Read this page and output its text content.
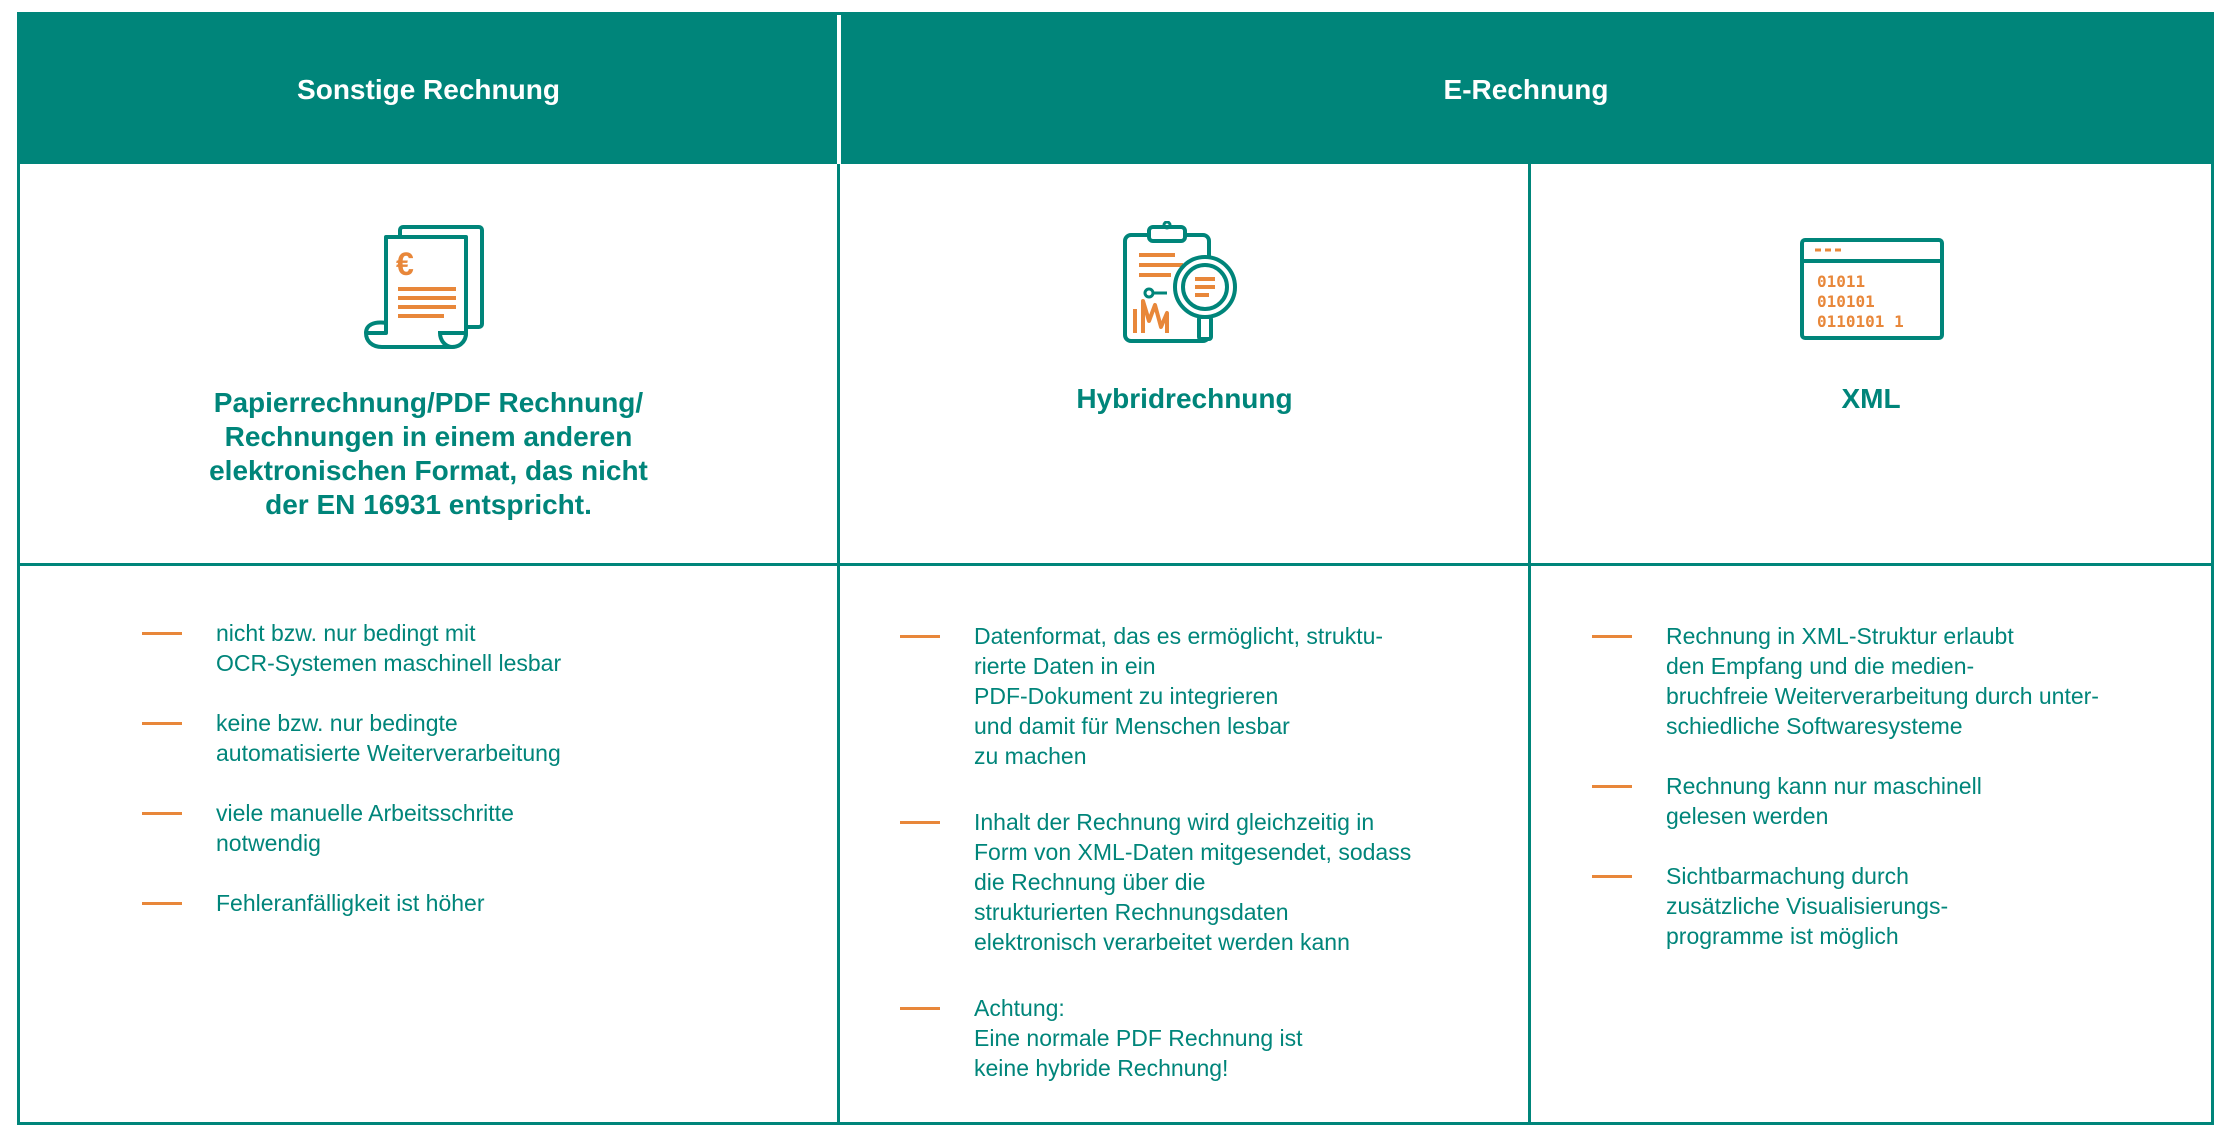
Sonstige Rechnung	E-Rechnung
€
Papierrechnung/PDF Rechnung/
Rechnungen in einem anderen
elektronischen Format, das nicht
der EN 16931 entspricht.
Hybridrechnung
01011
010101
0110101 1
XML
nicht bzw. nur bedingt mit
OCR-Systemen maschinell lesbar
keine bzw. nur bedingte
automatisierte Weiterverarbeitung
viele manuelle Arbeitsschritte
notwendig
Fehleranfälligkeit ist höher
Datenformat, das es ermöglicht, struktu-
rierte Daten in ein
PDF-Dokument zu integrieren
und damit für Menschen lesbar
zu machen
Inhalt der Rechnung wird gleichzeitig in
Form von XML-Daten mitgesendet, sodass
die Rechnung über die
strukturierten Rechnungsdaten
elektronisch verarbeitet werden kann
Achtung:
Eine normale PDF Rechnung ist
keine hybride Rechnung!
Rechnung in XML-Struktur erlaubt
den Empfang und die medien-
bruchfreie Weiterverarbeitung durch unter-
schiedliche Softwaresysteme
Rechnung kann nur maschinell
gelesen werden
Sichtbarmachung durch
zusätzliche Visualisierungs-
programme ist möglich
